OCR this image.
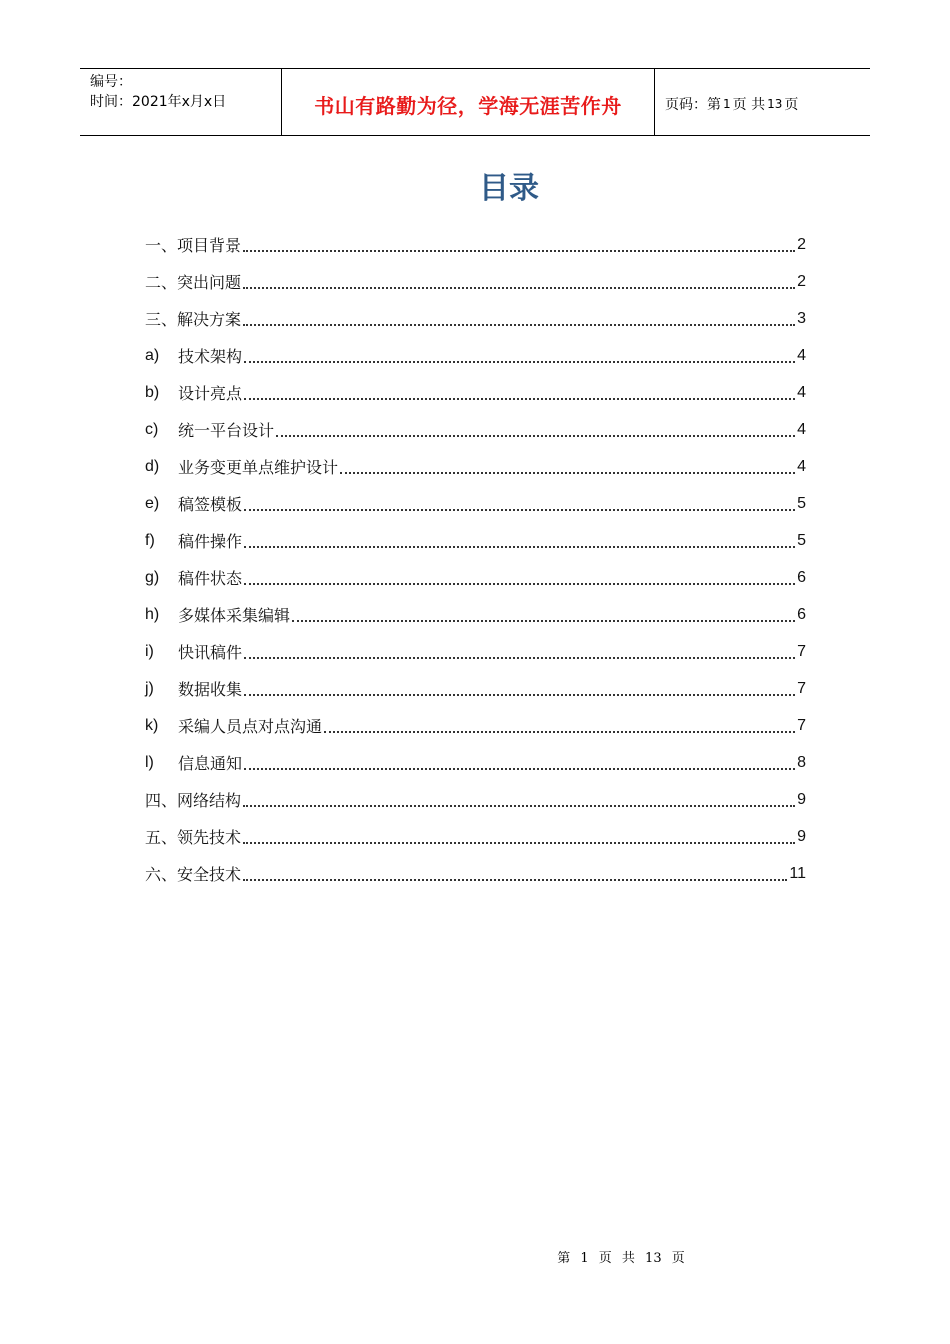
编号：
时间：2021年x月x日	书山有路勤为径，学海无涯苦作舟	页码：第 1 页 共 13 页
目录
一、项目背景	2
二、突出问题	2
三、解决方案	3
a)	技术架构	4
b)	设计亮点	4
c)	统一平台设计	4
d)	业务变更单点维护设计	4
e)	稿签模板	5
f)	稿件操作	5
g)	稿件状态	6
h)	多媒体采集编辑	6
i)	快讯稿件	7
j)	数据收集	7
k)	采编人员点对点沟通	7
l)	信息通知	8
四、网络结构	9
五、领先技术	9
六、安全技术	11
第 1 页 共 13 页
